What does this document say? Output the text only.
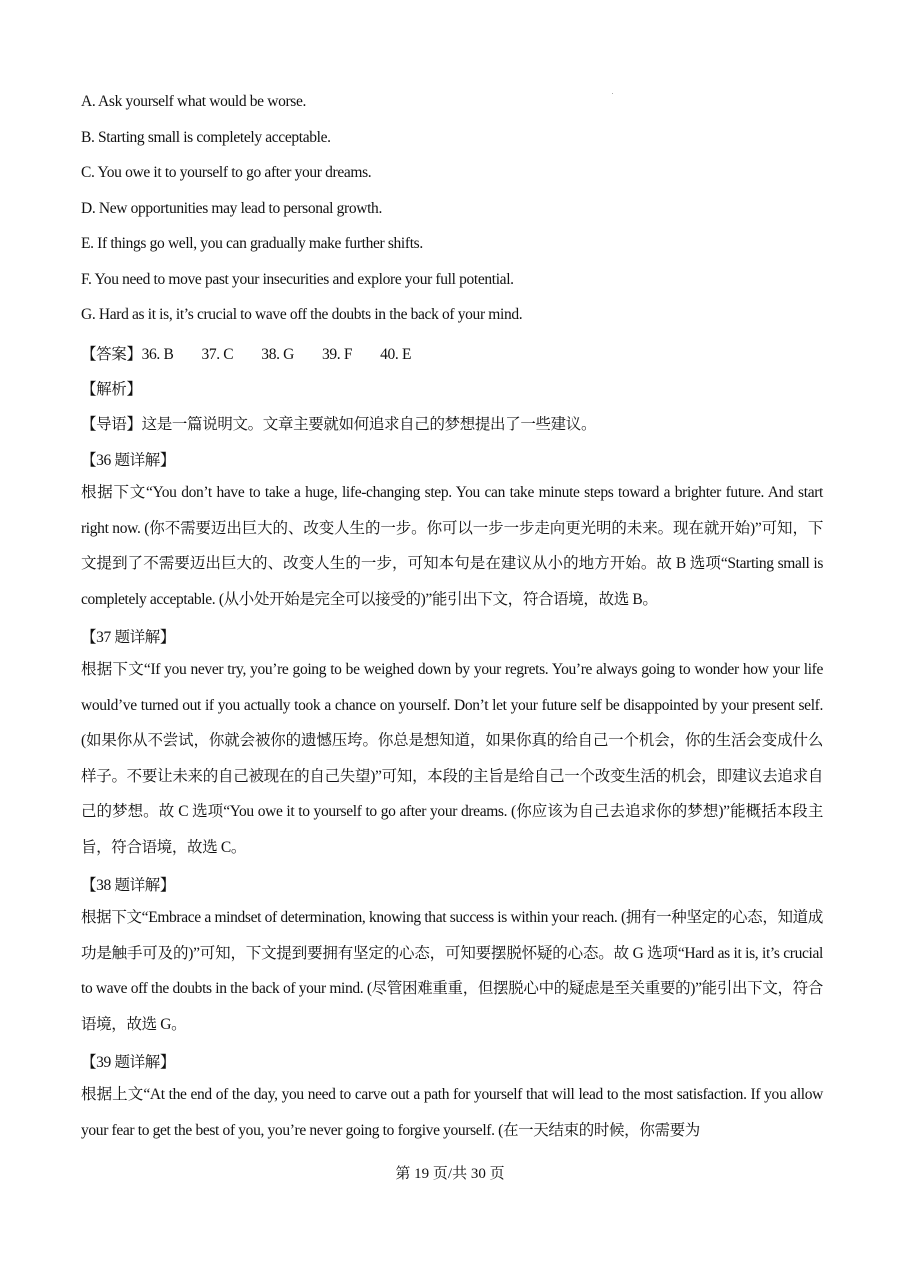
A. Ask yourself what would be worse.
B. Starting small is completely acceptable.
C. You owe it to yourself to go after your dreams.
D. New opportunities may lead to personal growth.
E. If things go well, you can gradually make further shifts.
F. You need to move past your insecurities and explore your full potential.
G. Hard as it is, it’s crucial to wave off the doubts in the back of your mind.
【答案】36. B 37. C 38. G 39. F 40. E
【解析】
【导语】这是一篇说明文。文章主要就如何追求自己的梦想提出了一些建议。
【36 题详解】
根据下文“You don’t have to take a huge, life-changing step. You can take minute steps toward a brighter future. And start right now. (你不需要迈出巨大的、改变人生的一步。你可以一步一步走向更光明的未来。现在就开始)”可知，下文提到了不需要迈出巨大的、改变人生的一步，可知本句是在建议从小的地方开始。故 B 选项“Starting small is completely acceptable. (从小处开始是完全可以接受的)”能引出下文，符合语境，故选 B。
【37 题详解】
根据下文“If you never try, you’re going to be weighed down by your regrets. You’re always going to wonder how your life would’ve turned out if you actually took a chance on yourself. Don’t let your future self be disappointed by your present self. (如果你从不尝试，你就会被你的遗憾压垮。你总是想知道，如果你真的给自己一个机会，你的生活会变成什么样子。不要让未来的自己被现在的自己失望)”可知，本段的主旨是给自己一个改变生活的机会，即建议去追求自己的梦想。故 C 选项“You owe it to yourself to go after your dreams. (你应该为自己去追求你的梦想)”能概括本段主旨，符合语境，故选 C。
【38 题详解】
根据下文“Embrace a mindset of determination, knowing that success is within your reach. (拥有一种坚定的心态，知道成功是触手可及的)”可知，下文提到要拥有坚定的心态，可知要摆脱怀疑的心态。故 G 选项“Hard as it is, it’s crucial to wave off the doubts in the back of your mind. (尽管困难重重，但摆脱心中的疑虑是至关重要的)”能引出下文，符合语境，故选 G。
【39 题详解】
根据上文“At the end of the day, you need to carve out a path for yourself that will lead to the most satisfaction. If you allow your fear to get the best of you, you’re never going to forgive yourself. (在一天结束的时候，你需要为
第 19 页/共 30 页
